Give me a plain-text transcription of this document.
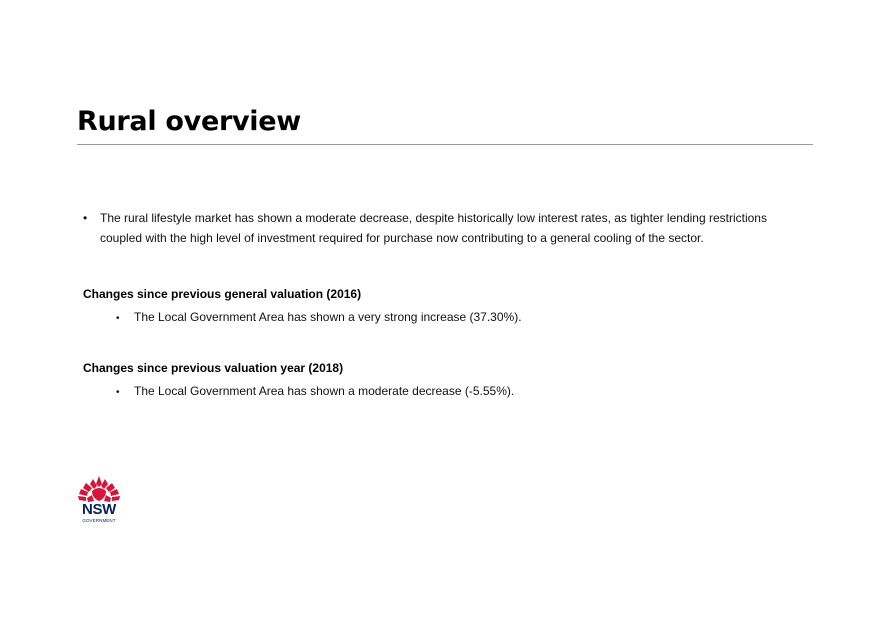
Rural overview
•	The rural lifestyle market has shown a moderate decrease, despite historically low interest rates, as tighter lending restrictions coupled with the high level of investment required for purchase now contributing to a general cooling of the sector.
Changes since previous general valuation (2016)
• The Local Government Area has shown a very strong increase (37.30%).
Changes since previous valuation year (2018)
• The Local Government Area has shown a moderate decrease (-5.55%).
NSW
GOVERNMENT
